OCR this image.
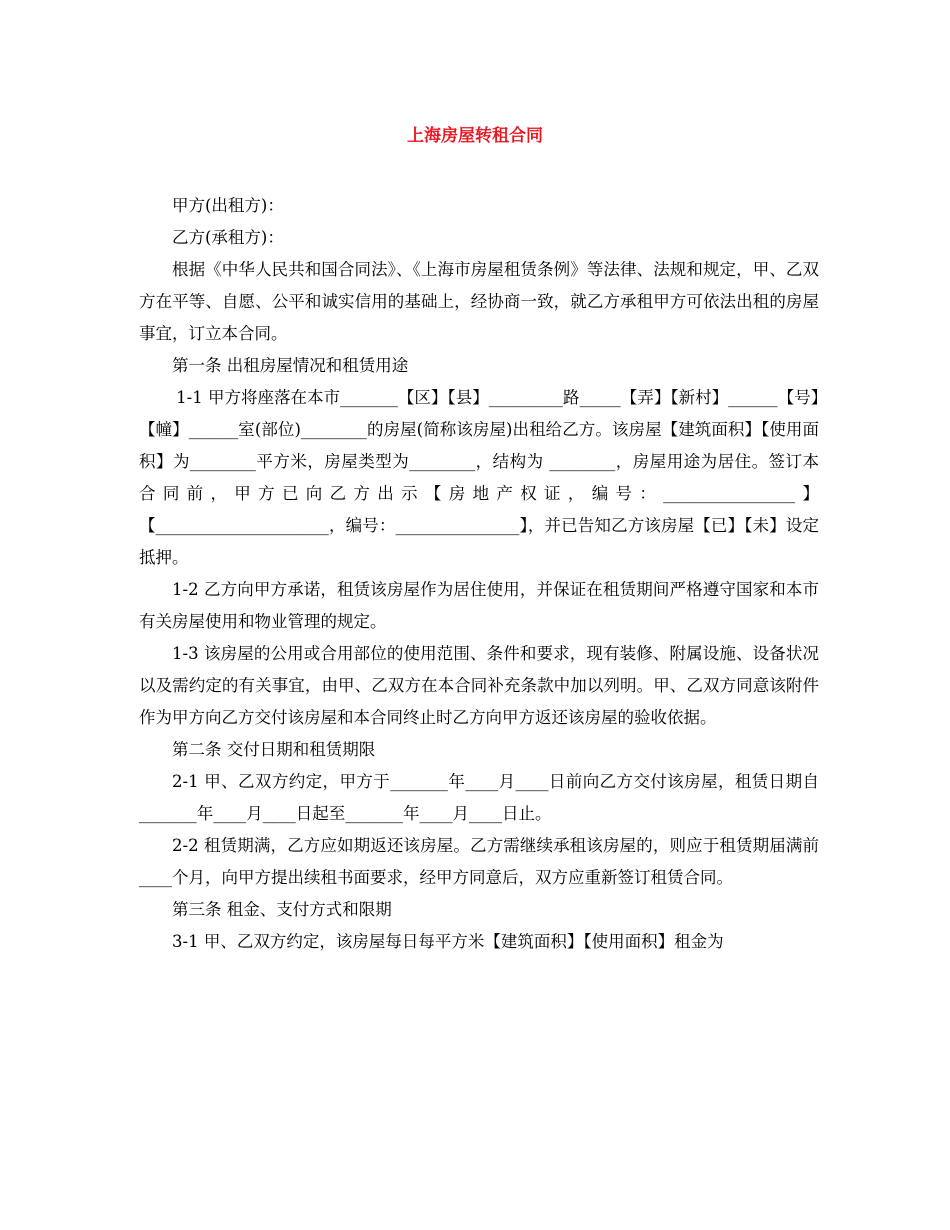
上海房屋转租合同

甲方(出租方)：

乙方(承租方)：

根据《中华人民共和国合同法》、《上海市房屋租赁条例》等法律、法规和规定，甲、乙双方在平等、自愿、公平和诚实信用的基础上，经协商一致，就乙方承租甲方可依法出租的房屋事宜，订立本合同。

第一条 出租房屋情况和租赁用途

1-1 甲方将座落在本市_______【区】【县】_________路_____【弄】【新村】______【号】【幢】______室(部位)________的房屋(简称该房屋)出租给乙方。该房屋【建筑面积】【使用面积】为________平方米，房屋类型为________，结构为 ________，房屋用途为居住。签订本合同前，甲方已向乙方出示【房地产权证，编号：________________】【_____________________，编号：_______________】，并已告知乙方该房屋【已】【未】设定抵押。

1-2 乙方向甲方承诺，租赁该房屋作为居住使用，并保证在租赁期间严格遵守国家和本市有关房屋使用和物业管理的规定。

1-3 该房屋的公用或合用部位的使用范围、条件和要求，现有装修、附属设施、设备状况以及需约定的有关事宜，由甲、乙双方在本合同补充条款中加以列明。甲、乙双方同意该附件作为甲方向乙方交付该房屋和本合同终止时乙方向甲方返还该房屋的验收依据。

第二条 交付日期和租赁期限

2-1 甲、乙双方约定，甲方于_______年____月____日前向乙方交付该房屋，租赁日期自_______年____月____日起至_______年____月____日止。

2-2 租赁期满，乙方应如期返还该房屋。乙方需继续承租该房屋的，则应于租赁期届满前____个月，向甲方提出续租书面要求，经甲方同意后，双方应重新签订租赁合同。

第三条 租金、支付方式和限期

3-1 甲、乙双方约定，该房屋每日每平方米【建筑面积】【使用面积】租金为
